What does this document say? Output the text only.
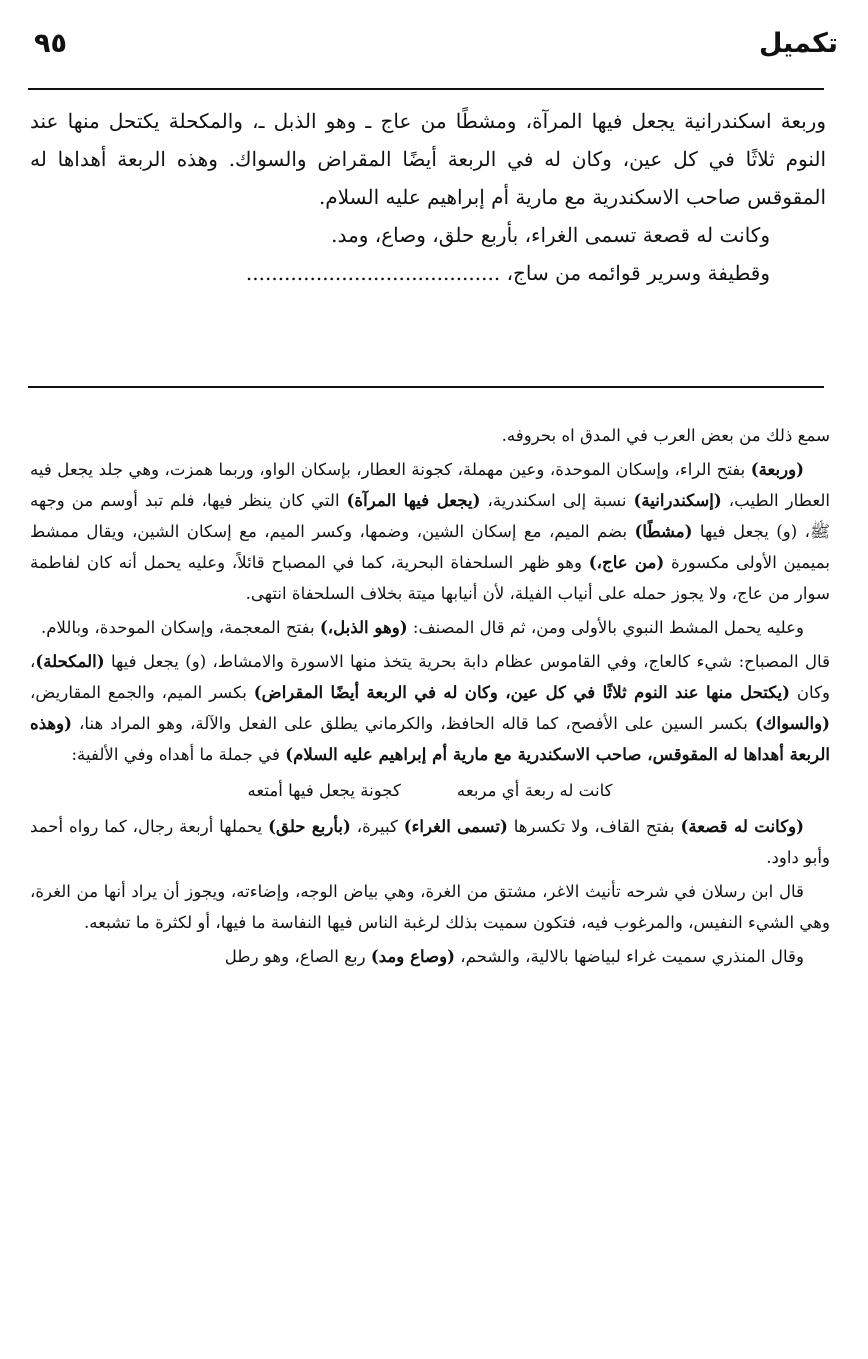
تكميل
٩٥

وربعة اسكندرانية يجعل فيها المرآة، ومشطًا من عاج ـ وهو الذبل ـ، والمكحلة يكتحل منها عند النوم ثلاثًا في كل عين، وكان له في الربعة أيضًا المقراض والسواك. وهذه الربعة أهداها له المقوقس صاحب الاسكندرية مع مارية أم إبراهيم عليه السلام.

وكانت له قصعة تسمى الغراء، بأربع حلق، وصاع، ومد.

وقطيفة وسرير قوائمه من ساج، ........................................

سمع ذلك من بعض العرب في المدق اه بحروفه.

(وربعة) بفتح الراء، وإسكان الموحدة، وعين مهملة، كجونة العطار، بإسكان الواو، وربما همزت، وهي جلد يجعل فيه العطار الطيب، (إسكندرانية) نسبة إلى اسكندرية، (يجعل فيها المرآة) التي كان ينظر فيها، فلم تبد أوسم من وجهه ﷺ، (و) يجعل فيها (مشطًا) بضم الميم، مع إسكان الشين، وضمها، وكسر الميم، مع إسكان الشين، ويقال ممشط بميمين الأولى مكسورة (من عاج،) وهو ظهر السلحفاة البحرية، كما في المصباح قائلاً، وعليه يحمل أنه كان لفاطمة سوار من عاج، ولا يجوز حمله على أنياب الفيلة، لأن أنيابها ميتة بخلاف السلحفاة انتهى.

وعليه يحمل المشط النبوي بالأولى ومن، ثم قال المصنف: (وهو الذبل،) بفتح المعجمة، وإسكان الموحدة، وباللام.

قال المصباح: شيء كالعاج، وفي القاموس عظام دابة بحرية يتخذ منها الاسورة والامشاط، (و) يجعل فيها (المكحلة)، وكان (يكتحل منها عند النوم ثلاثًا في كل عين، وكان له في الربعة أيضًا المقراض) بكسر الميم، والجمع المقاريض، (والسواك) بكسر السين على الأفصح، كما قاله الحافظ، والكرماني يطلق على الفعل والآلة، وهو المراد هنا، (وهذه الربعة أهداها له المقوقس، صاحب الاسكندرية مع مارية أم إبراهيم عليه السلام) في جملة ما أهداه وفي الألفية:

كانت له ربعة أي مربعهكجونة يجعل فيها أمتعه

(وكانت له قصعة) بفتح القاف، ولا تكسرها (تسمى الغراء) كبيرة، (بأربع حلق) يحملها أربعة رجال، كما رواه أحمد وأبو داود.

قال ابن رسلان في شرحه تأنيث الاغر، مشتق من الغرة، وهي بياض الوجه، وإضاءته، ويجوز أن يراد أنها من الغرة، وهي الشيء النفيس، والمرغوب فيه، فتكون سميت بذلك لرغبة الناس فيها النفاسة ما فيها، أو لكثرة ما تشبعه.

وقال المنذري سميت غراء لبياضها بالالية، والشحم، (وصاع ومد) ربع الصاع، وهو رطل
